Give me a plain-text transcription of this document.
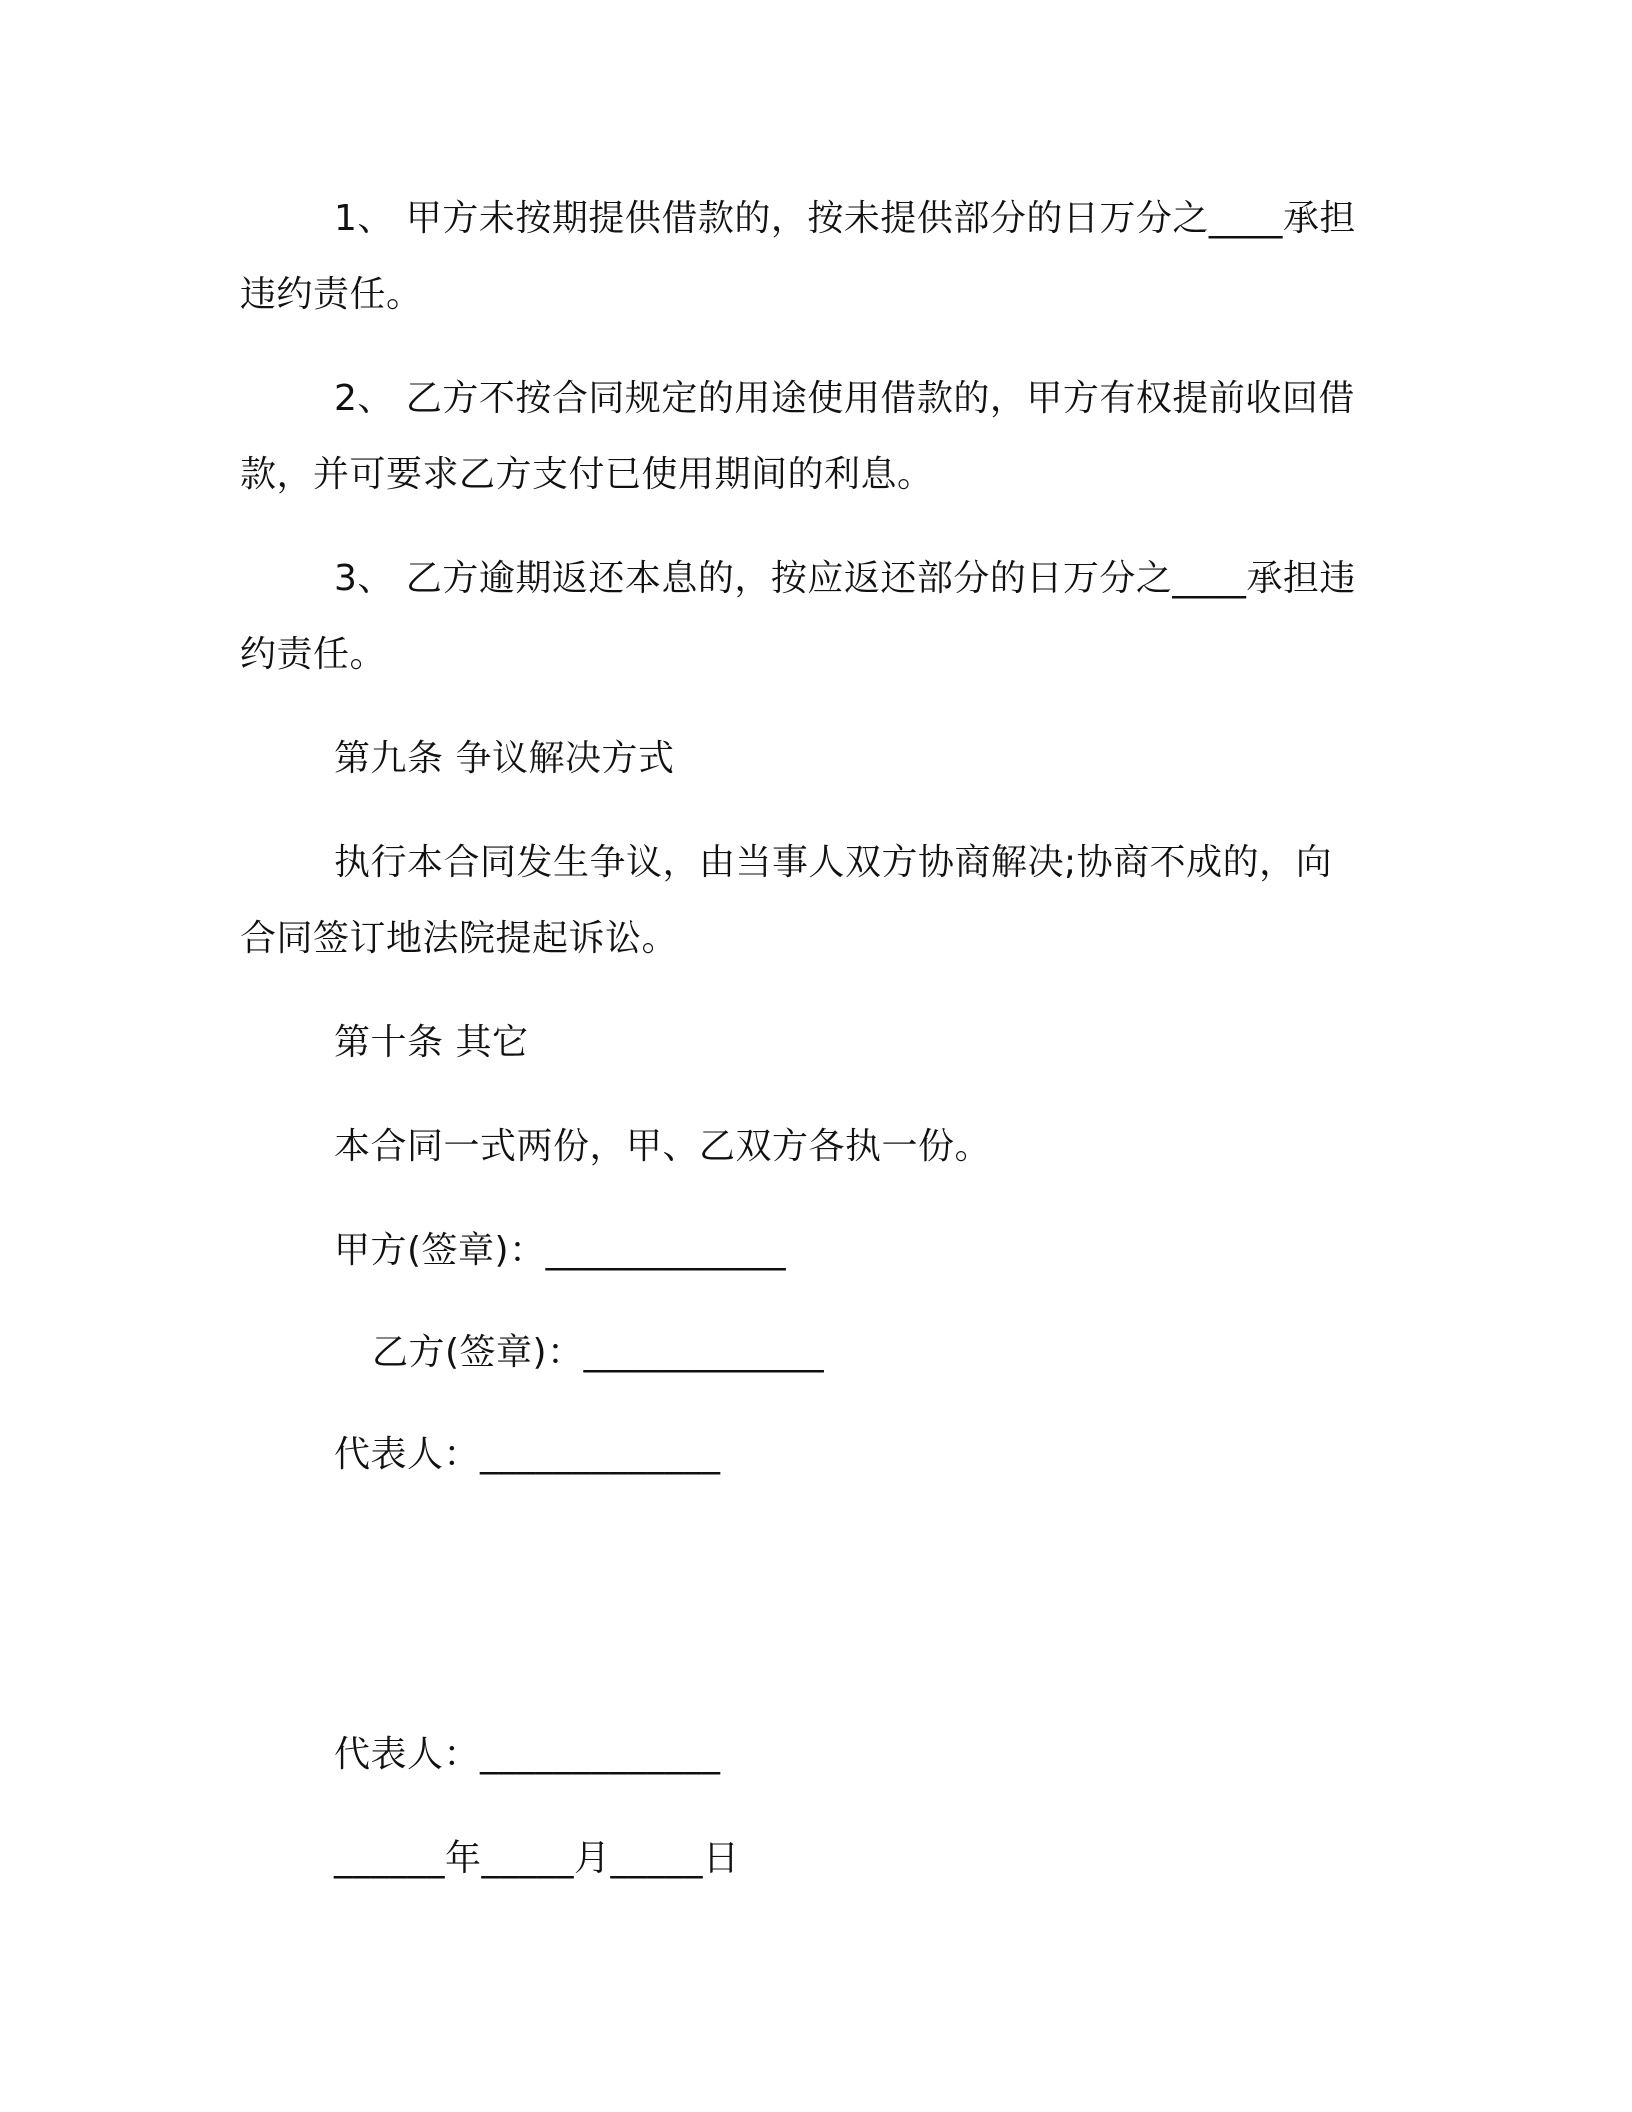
1、 甲方未按期提供借款的，按未提供部分的日万分之____承担

违约责任。

2、 乙方不按合同规定的用途使用借款的，甲方有权提前收回借

款，并可要求乙方支付已使用期间的利息。

3、 乙方逾期返还本息的，按应返还部分的日万分之____承担违

约责任。

第九条 争议解决方式

执行本合同发生争议，由当事人双方协商解决;协商不成的，向

合同签订地法院提起诉讼。

第十条 其它

本合同一式两份，甲、乙双方各执一份。

甲方(签章)：_____________

乙方(签章)：_____________

代表人：_____________

代表人：_____________

______年_____月_____日
